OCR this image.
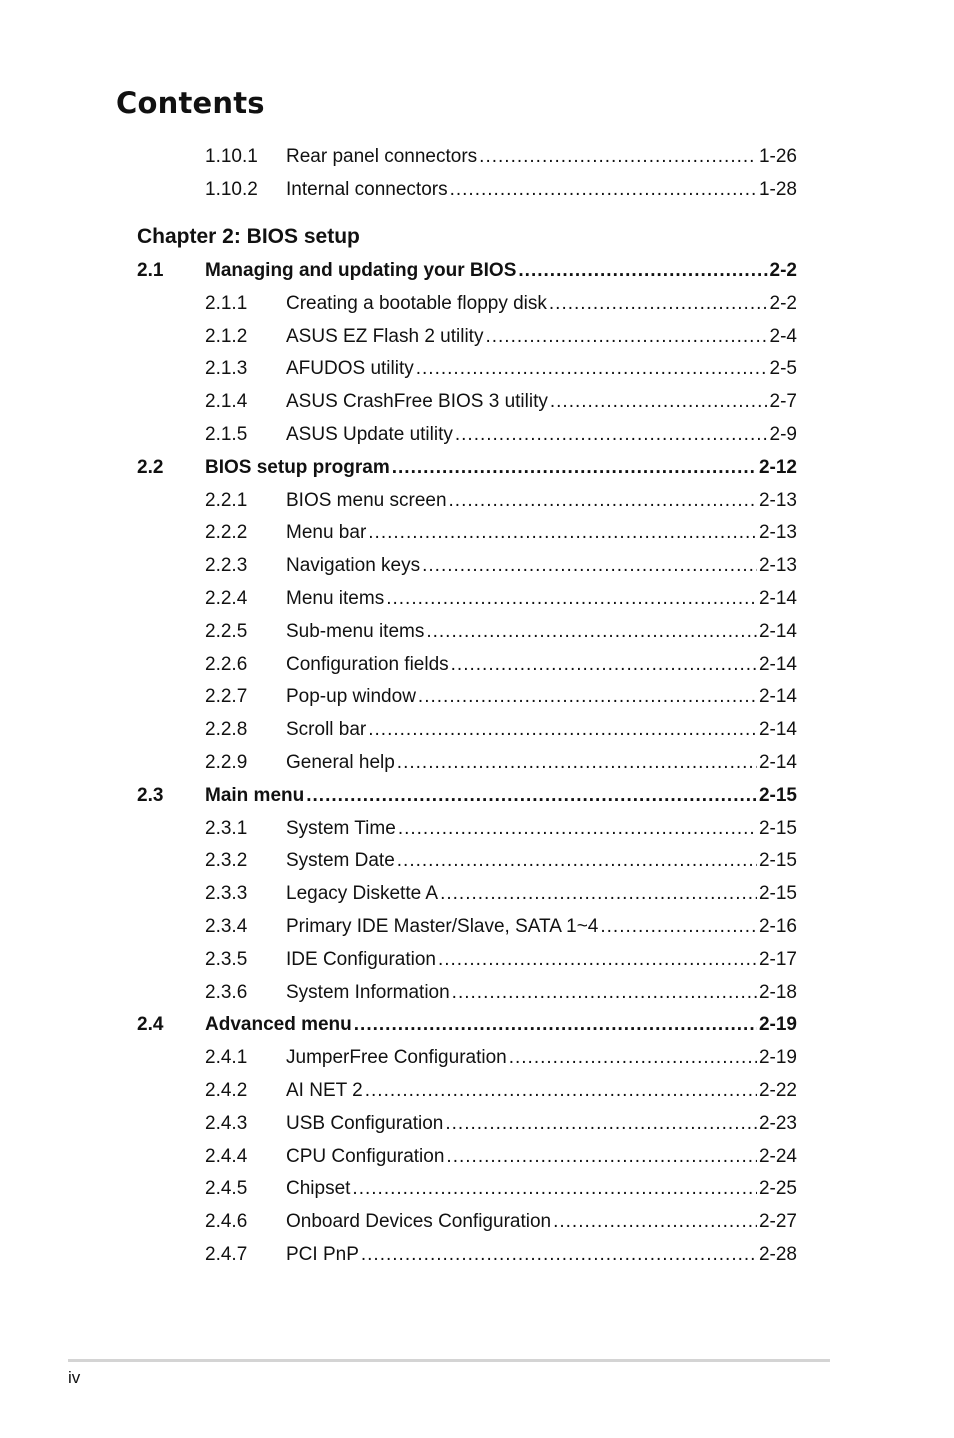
Contents
1.10.1 Rear panel connectors .....	1-26
1.10.2 Internal connectors .....	1-28
Chapter 2: BIOS setup
2.1 Managing and updating your BIOS .....	2-2
2.1.1 Creating a bootable floppy disk .....	2-2
2.1.2 ASUS EZ Flash 2 utility .....	2-4
2.1.3 AFUDOS utility .....	2-5
2.1.4 ASUS CrashFree BIOS 3 utility .....	2-7
2.1.5 ASUS Update utility .....	2-9
2.2 BIOS setup program .....	2-12
2.2.1 BIOS menu screen .....	2-13
2.2.2 Menu bar .....	2-13
2.2.3 Navigation keys .....	2-13
2.2.4 Menu items .....	2-14
2.2.5 Sub-menu items .....	2-14
2.2.6 Configuration fields .....	2-14
2.2.7 Pop-up window .....	2-14
2.2.8 Scroll bar .....	2-14
2.2.9 General help .....	2-14
2.3 Main menu .....	2-15
2.3.1 System Time .....	2-15
2.3.2 System Date .....	2-15
2.3.3 Legacy Diskette A .....	2-15
2.3.4 Primary IDE Master/Slave, SATA 1~4 .....	2-16
2.3.5 IDE Configuration .....	2-17
2.3.6 System Information .....	2-18
2.4 Advanced menu .....	2-19
2.4.1 JumperFree Configuration .....	2-19
2.4.2 AI NET 2 .....	2-22
2.4.3 USB Configuration .....	2-23
2.4.4 CPU Configuration .....	2-24
2.4.5 Chipset .....	2-25
2.4.6 Onboard Devices Configuration .....	2-27
2.4.7 PCI PnP .....	2-28
iv
